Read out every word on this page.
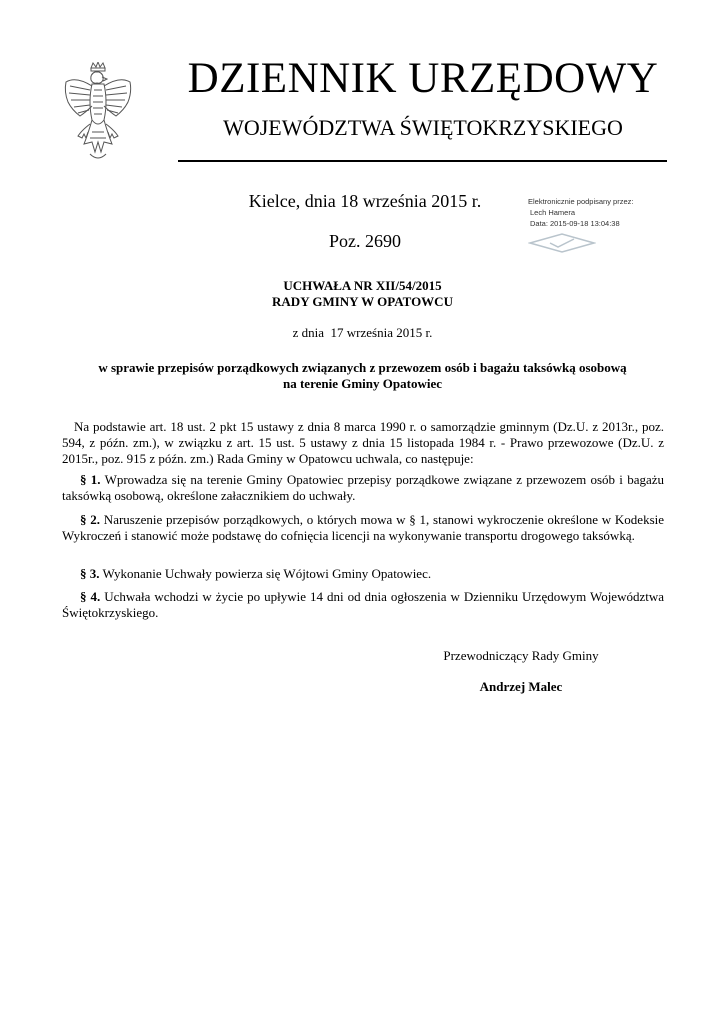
DZIENNIK URZĘDOWY
WOJEWÓDZTWA ŚWIĘTOKRZYSKIEGO
Kielce, dnia 18 września 2015 r.
Poz. 2690
Elektronicznie podpisany przez:
Lech Hamera
Data: 2015-09-18 13:04:38
UCHWAŁA NR XII/54/2015
RADY GMINY W OPATOWCU
z dnia  17 września 2015 r.
w sprawie przepisów porządkowych związanych z przewozem osób i bagażu taksówką osobową
na terenie Gminy Opatowiec
Na podstawie art. 18 ust. 2 pkt 15 ustawy z dnia 8 marca 1990 r. o samorządzie gminnym (Dz.U. z 2013r., poz. 594, z późn. zm.), w związku z art. 15 ust. 5 ustawy z dnia 15 listopada 1984 r. - Prawo przewozowe (Dz.U. z 2015r., poz. 915 z późn. zm.) Rada Gminy w Opatowcu uchwala, co następuje:
§ 1. Wprowadza się na terenie Gminy Opatowiec przepisy porządkowe związane z przewozem osób i bagażu taksówką osobową, określone załacznikiem do uchwały.
§ 2. Naruszenie przepisów porządkowych, o których mowa w § 1, stanowi wykroczenie określone w Kodeksie Wykroczeń i stanowić może podstawę do cofnięcia licencji na wykonywanie transportu drogowego taksówką.
§ 3. Wykonanie Uchwały powierza się Wójtowi Gminy Opatowiec.
§ 4. Uchwała wchodzi w życie po upływie 14 dni od dnia ogłoszenia w Dzienniku Urzędowym Województwa Świętokrzyskiego.
Przewodniczący Rady Gminy
Andrzej Malec
